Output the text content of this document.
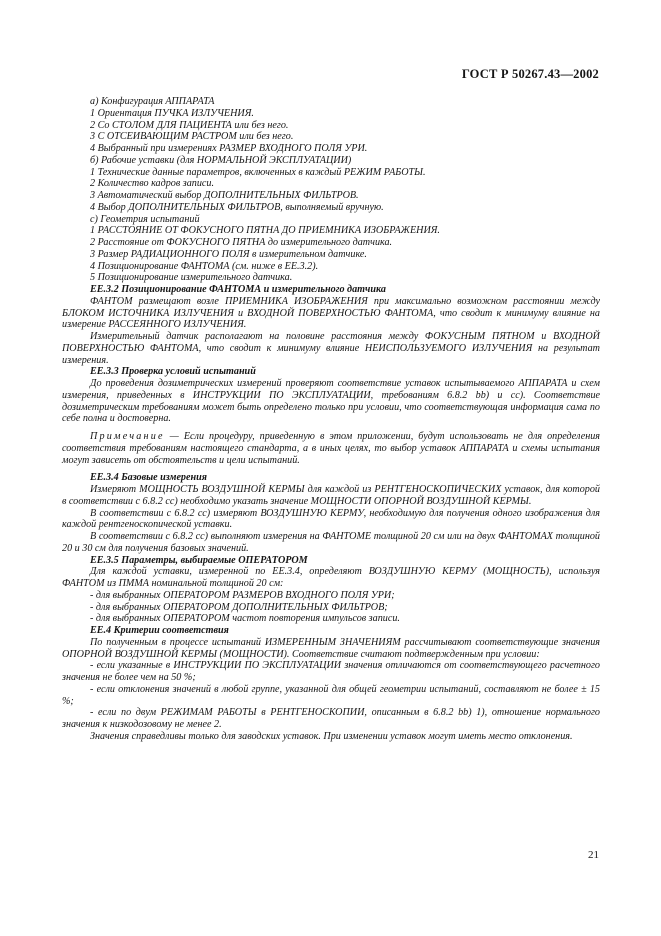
ГОСТ Р 50267.43—2002

а) Конфигурация АППАРАТА

1 Ориентация ПУЧКА ИЗЛУЧЕНИЯ.

2 Со СТОЛОМ ДЛЯ ПАЦИЕНТА или без него.

3 С ОТСЕИВАЮЩИМ РАСТРОМ или без него.

4 Выбранный при измерениях РАЗМЕР ВХОДНОГО ПОЛЯ УРИ.

б) Рабочие уставки (для НОРМАЛЬНОЙ ЭКСПЛУАТАЦИИ)

1 Технические данные параметров, включенных в каждый РЕЖИМ РАБОТЫ.

2 Количество кадров записи.

3 Автоматический выбор ДОПОЛНИТЕЛЬНЫХ ФИЛЬТРОВ.

4 Выбор ДОПОЛНИТЕЛЬНЫХ ФИЛЬТРОВ, выполняемый вручную.

с) Геометрия испытаний

1 РАССТОЯНИЕ ОТ ФОКУСНОГО ПЯТНА ДО ПРИЕМНИКА ИЗОБРАЖЕНИЯ.

2 Расстояние от ФОКУСНОГО ПЯТНА до измерительного датчика.

3 Размер РАДИАЦИОННОГО ПОЛЯ в измерительном датчике.

4 Позиционирование ФАНТОМА (см. ниже в ЕЕ.3.2).

5 Позиционирование измерительного датчика.

ЕЕ.3.2 Позиционирование ФАНТОМА и измерительного датчика

ФАНТОМ размещают возле ПРИЕМНИКА ИЗОБРАЖЕНИЯ при максимально возможном расстоянии между БЛОКОМ ИСТОЧНИКА ИЗЛУЧЕНИЯ и ВХОДНОЙ ПОВЕРХНОСТЬЮ ФАНТОМА, что сводит к минимуму влияние на измерение РАССЕЯННОГО ИЗЛУЧЕНИЯ.

Измерительный датчик располагают на половине расстояния между ФОКУСНЫМ ПЯТНОМ и ВХОДНОЙ ПОВЕРХНОСТЬЮ ФАНТОМА, что сводит к минимуму влияние НЕИСПОЛЬЗУЕМОГО ИЗЛУЧЕНИЯ на результат измерения.

ЕЕ.3.3 Проверка условий испытаний

До проведения дозиметрических измерений проверяют соответствие уставок испытываемого АППАРАТА и схем измерения, приведенных в ИНСТРУКЦИИ ПО ЭКСПЛУАТАЦИИ, требованиям 6.8.2 bb) и cc). Соответствие дозиметрическим требованиям может быть определено только при условии, что соответствующая информация сама по себе полна и достоверна.

Примечание — Если процедуру, приведенную в этом приложении, будут использовать не для определения соответствия требованиям настоящего стандарта, а в иных целях, то выбор уставок АППАРАТА и схемы испытания могут зависеть от обстоятельств и цели испытаний.

ЕЕ.3.4 Базовые измерения

Измеряют МОЩНОСТЬ ВОЗДУШНОЙ КЕРМЫ для каждой из РЕНТГЕНОСКОПИЧЕСКИХ уставок, для которой в соответствии с 6.8.2 cc) необходимо указать значение МОЩНОСТИ ОПОРНОЙ ВОЗДУШНОЙ КЕРМЫ.

В соответствии с 6.8.2 cc) измеряют ВОЗДУШНУЮ КЕРМУ, необходимую для получения одного изображения для каждой рентгеноскопической уставки.

В соответствии с 6.8.2 cc) выполняют измерения на ФАНТОМЕ толщиной 20 см или на двух ФАНТОМАХ толщиной 20 и 30 см для получения базовых значений.

ЕЕ.3.5 Параметры, выбираемые ОПЕРАТОРОМ

Для каждой уставки, измеренной по ЕЕ.3.4, определяют ВОЗДУШНУЮ КЕРМУ (МОЩНОСТЬ), используя ФАНТОМ из ПММА номинальной толщиной 20 см:

- для выбранных ОПЕРАТОРОМ РАЗМЕРОВ ВХОДНОГО ПОЛЯ УРИ;

- для выбранных ОПЕРАТОРОМ ДОПОЛНИТЕЛЬНЫХ ФИЛЬТРОВ;

- для выбранных ОПЕРАТОРОМ частот повторения импульсов записи.

ЕЕ.4 Критерии соответствия

По полученным в процессе испытаний ИЗМЕРЕННЫМ ЗНАЧЕНИЯМ рассчитывают соответствующие значения ОПОРНОЙ ВОЗДУШНОЙ КЕРМЫ (МОЩНОСТИ). Соответствие считают подтвержденным при условии:

- если указанные в ИНСТРУКЦИИ ПО ЭКСПЛУАТАЦИИ значения отличаются от соответствующего расчетного значения не более чем на 50 %;

- если отклонения значений в любой группе, указанной для общей геометрии испытаний, составляют не более ± 15 %;

- если по двум РЕЖИМАМ РАБОТЫ в РЕНТГЕНОСКОПИИ, описанным в 6.8.2 bb) 1), отношение нормального значения к низкодозовому не менее 2.

Значения справедливы только для заводских уставок. При изменении уставок могут иметь место отклонения.

21
